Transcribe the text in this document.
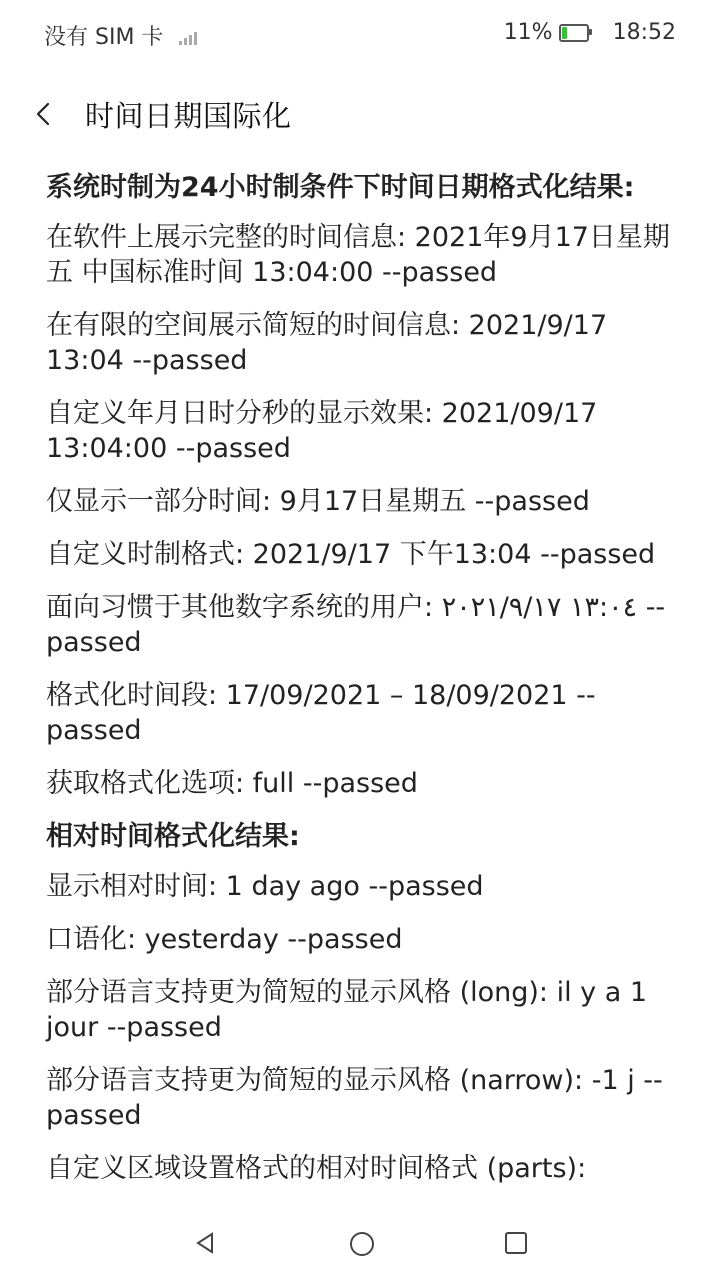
没有 SIM 卡	11%	18:52
时间日期国际化
系统时制为24小时制条件下时间日期格式化结果:
在软件上展示完整的时间信息: 2021年9月17日星期五 中国标准时间 13:04:00 --passed
在有限的空间展示简短的时间信息: 2021/9/17 13:04 --passed
自定义年月日时分秒的显示效果: 2021/09/17 13:04:00 --passed
仅显示一部分时间: 9月17日星期五 --passed
自定义时制格式: 2021/9/17 下午13:04 --passed
面向习惯于其他数字系统的用户: ١٣:٠٤ ٢٠٢١/٩/١٧ --passed
格式化时间段: 17/09/2021 – 18/09/2021 --passed
获取格式化选项: full --passed
相对时间格式化结果:
显示相对时间: 1 day ago --passed
口语化: yesterday --passed
部分语言支持更为简短的显示风格 (long): il y a 1 jour --passed
部分语言支持更为简短的显示风格 (narrow): -1 j --passed
自定义区域设置格式的相对时间格式 (parts):
